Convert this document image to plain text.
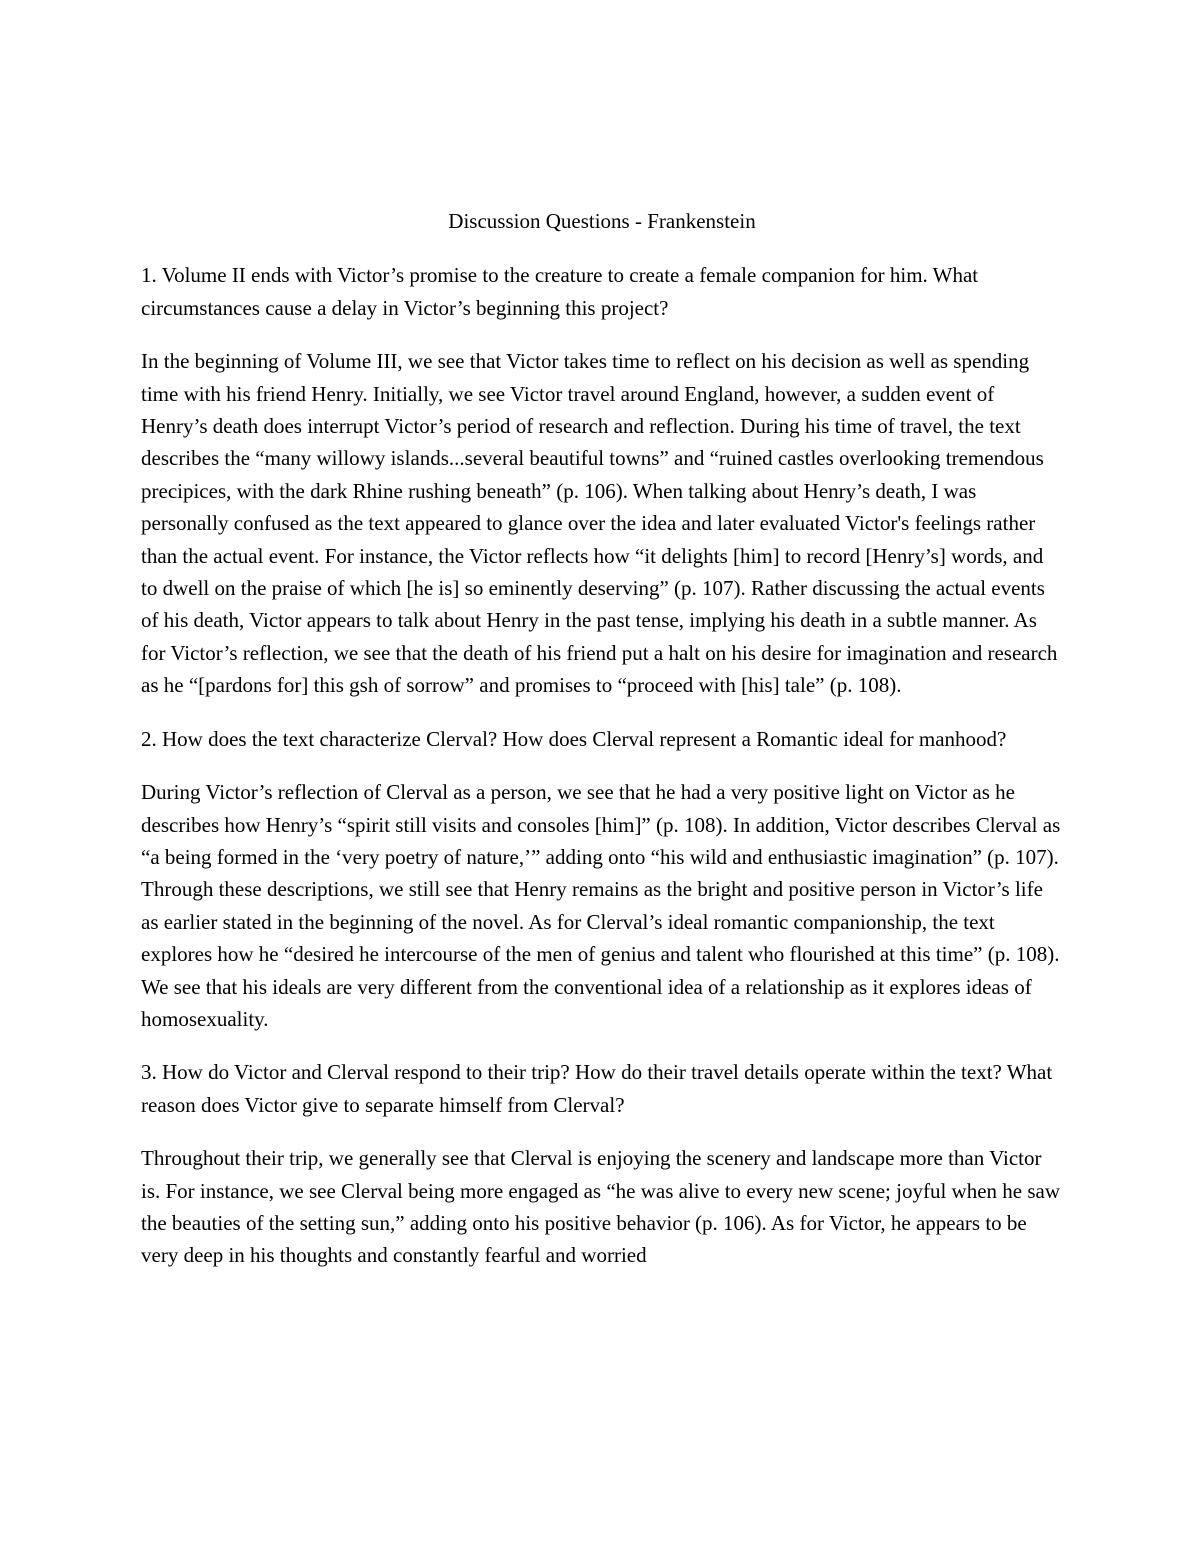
Discussion Questions - Frankenstein

1. Volume II ends with Victor’s promise to the creature to create a female companion for him. What circumstances cause a delay in Victor’s beginning this project?

In the beginning of Volume III, we see that Victor takes time to reflect on his decision as well as spending time with his friend Henry. Initially, we see Victor travel around England, however, a sudden event of Henry’s death does interrupt Victor’s period of research and reflection. During his time of travel, the text describes the “many willowy islands...several beautiful towns” and “ruined castles overlooking tremendous precipices, with the dark Rhine rushing beneath” (p. 106). When talking about Henry’s death, I was personally confused as the text appeared to glance over the idea and later evaluated Victor's feelings rather than the actual event. For instance, the Victor reflects how “it delights [him] to record [Henry’s] words, and to dwell on the praise of which [he is] so eminently deserving” (p. 107). Rather discussing the actual events of his death, Victor appears to talk about Henry in the past tense, implying his death in a subtle manner. As for Victor’s reflection, we see that the death of his friend put a halt on his desire for imagination and research as he “[pardons for] this gsh of sorrow” and promises to “proceed with [his] tale” (p. 108).

2. How does the text characterize Clerval? How does Clerval represent a Romantic ideal for manhood?

During Victor’s reflection of Clerval as a person, we see that he had a very positive light on Victor as he describes how Henry’s “spirit still visits and consoles [him]” (p. 108). In addition, Victor describes Clerval as “a being formed in the ‘very poetry of nature,’” adding onto “his wild and enthusiastic imagination” (p. 107). Through these descriptions, we still see that Henry remains as the bright and positive person in Victor’s life as earlier stated in the beginning of the novel. As for Clerval’s ideal romantic companionship, the text explores how he “desired he intercourse of the men of genius and talent who flourished at this time” (p. 108). We see that his ideals are very different from the conventional idea of a relationship as it explores ideas of homosexuality.

3. How do Victor and Clerval respond to their trip? How do their travel details operate within the text? What reason does Victor give to separate himself from Clerval?

Throughout their trip, we generally see that Clerval is enjoying the scenery and landscape more than Victor is. For instance, we see Clerval being more engaged as “he was alive to every new scene; joyful when he saw the beauties of the setting sun,” adding onto his positive behavior (p. 106). As for Victor, he appears to be very deep in his thoughts and constantly fearful and worried
